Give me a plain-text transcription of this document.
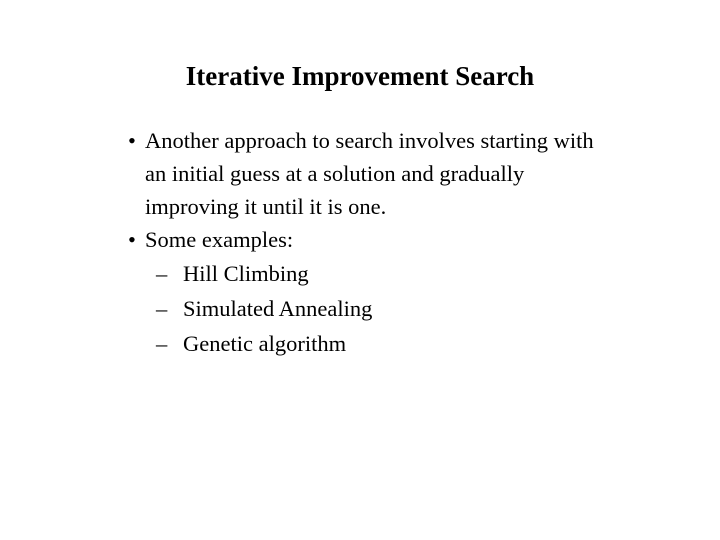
Iterative Improvement Search
• Another approach to search involves starting with an initial guess at a solution and gradually improving it until it is one.
• Some examples:
– Hill Climbing
– Simulated Annealing
– Genetic algorithm
